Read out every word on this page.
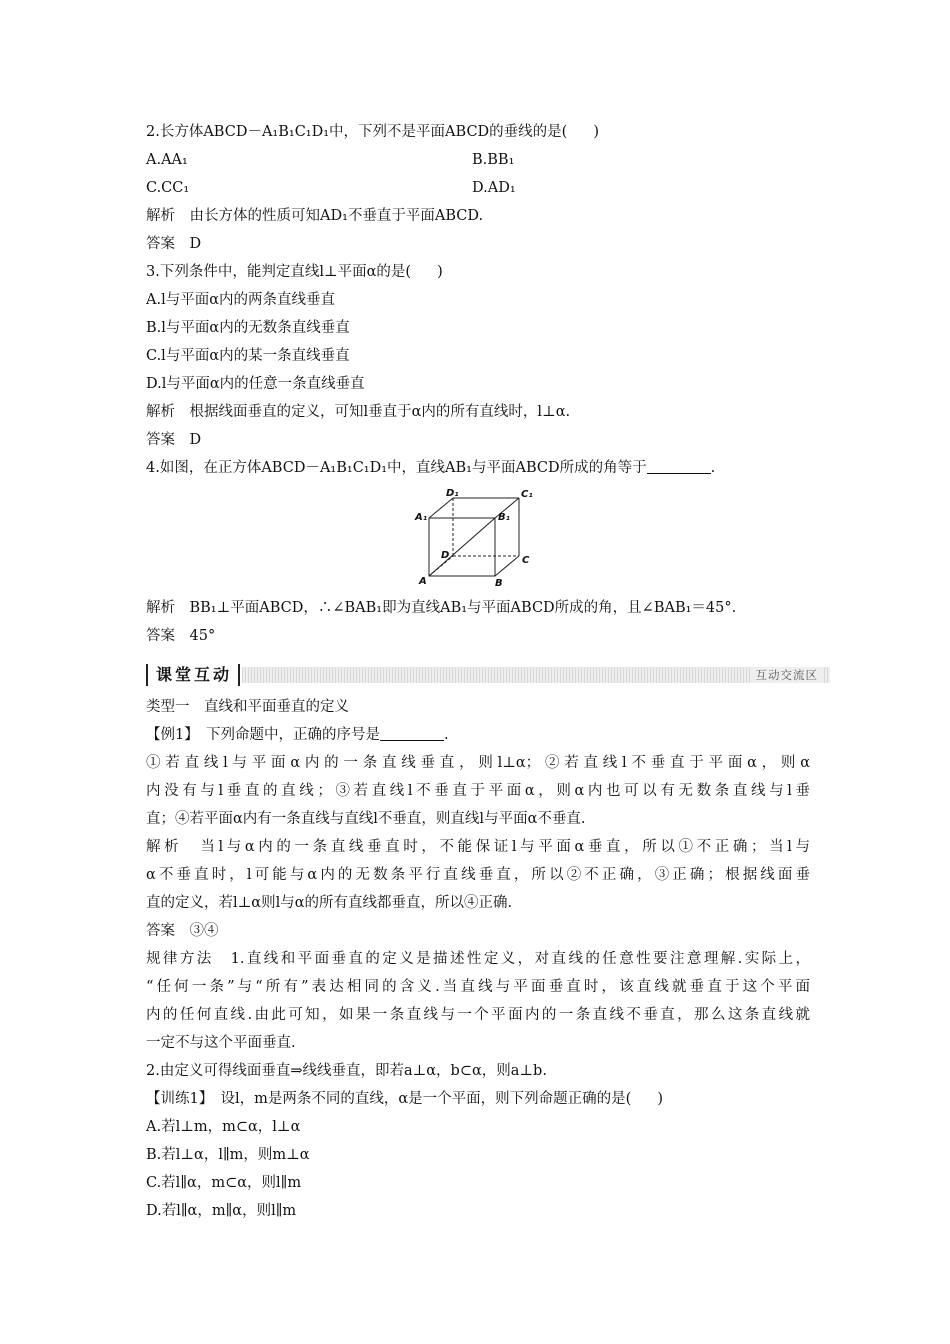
2.长方体ABCD－A₁B₁C₁D₁中，下列不是平面ABCD的垂线的是( )
A.AA₁	B.BB₁
C.CC₁	D.AD₁
解析　由长方体的性质可知AD₁不垂直于平面ABCD.
答案　D
3.下列条件中，能判定直线l⊥平面α的是( )
A.l与平面α内的两条直线垂直
B.l与平面α内的无数条直线垂直
C.l与平面α内的某一条直线垂直
D.l与平面α内的任意一条直线垂直
解析　根据线面垂直的定义，可知l垂直于α内的所有直线时，l⊥α.
答案　D
4.如图，在正方体ABCD－A₁B₁C₁D₁中，直线AB₁与平面ABCD所成的角等于	.
D₁	C₁
A₁	B₁
D	C
A	B
解析　BB₁⊥平面ABCD，∴∠BAB₁即为直线AB₁与平面ABCD所成的角，且∠BAB₁＝45°.
答案　45°
课堂互动	互动交流区
类型一　直线和平面垂直的定义
【例1】　下列命题中，正确的序号是	.
①若直线l与平面α内的一条直线垂直，则l⊥α；②若直线l不垂直于平面α，则α
内没有与l垂直的直线；③若直线l不垂直于平面α，则α内也可以有无数条直线与l垂
直；④若平面α内有一条直线与直线l不垂直，则直线l与平面α不垂直.
解析　当l与α内的一条直线垂直时，不能保证l与平面α垂直，所以①不正确；当l与
α不垂直时，l可能与α内的无数条平行直线垂直，所以②不正确，③正确；根据线面垂
直的定义，若l⊥α则l与α的所有直线都垂直，所以④正确.
答案　③④
规律方法　1.直线和平面垂直的定义是描述性定义，对直线的任意性要注意理解.实际上，
“任何一条”与“所有”表达相同的含义.当直线与平面垂直时，该直线就垂直于这个平面
内的任何直线.由此可知，如果一条直线与一个平面内的一条直线不垂直，那么这条直线就
一定不与这个平面垂直.
2.由定义可得线面垂直⇒线线垂直，即若a⊥α，b⊂α，则a⊥b.
【训练1】　设l，m是两条不同的直线，α是一个平面，则下列命题正确的是( )
A.若l⊥m，m⊂α，l⊥α
B.若l⊥α，l∥m，则m⊥α
C.若l∥α，m⊂α，则l∥m
D.若l∥α，m∥α，则l∥m
